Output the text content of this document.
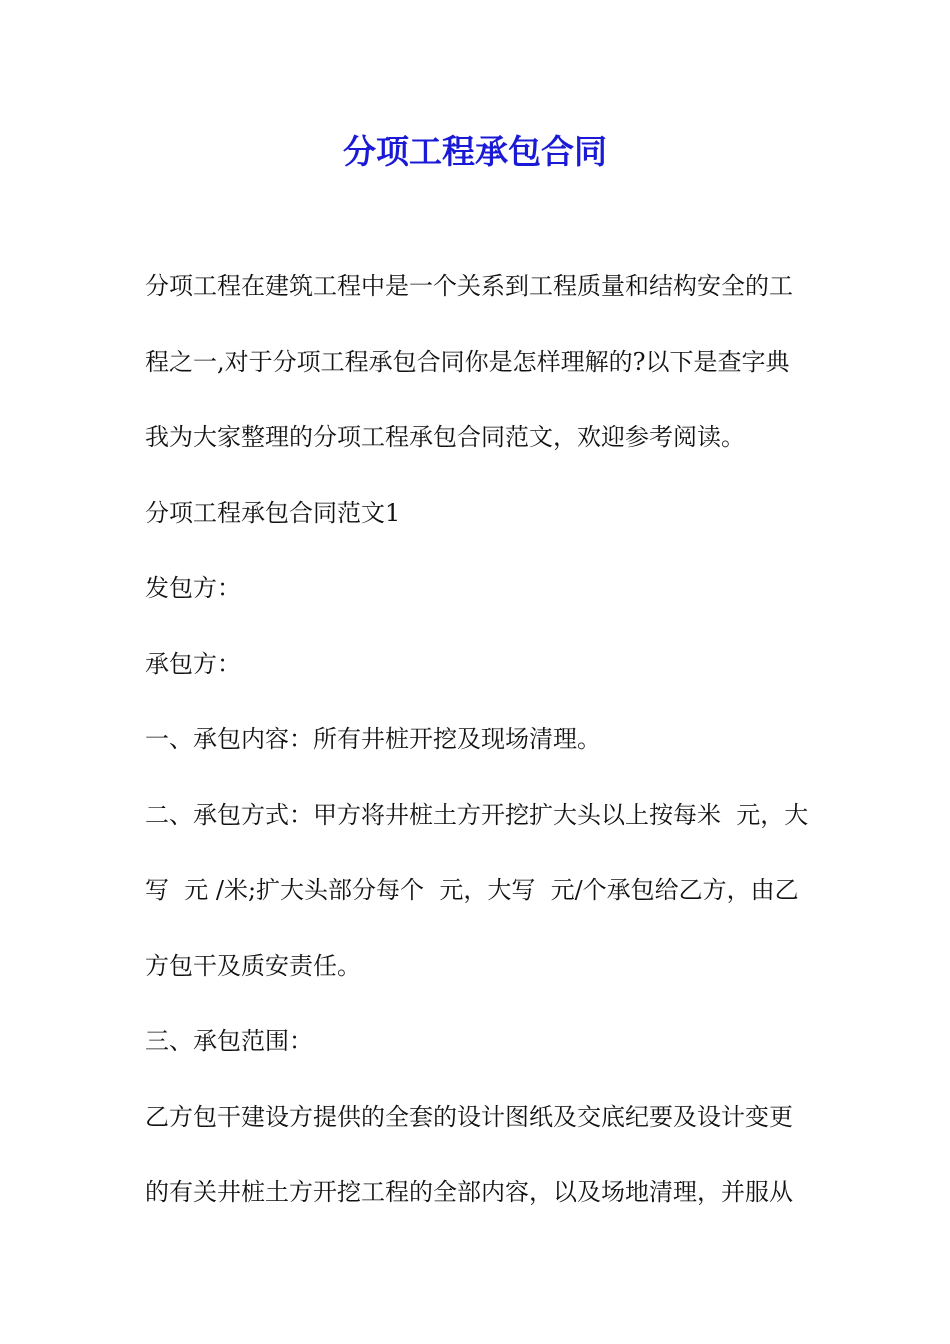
分项工程承包合同

分项工程在建筑工程中是一个关系到工程质量和结构安全的工

程之一,对于分项工程承包合同你是怎样理解的?以下是查字典

我为大家整理的分项工程承包合同范文，欢迎参考阅读。

分项工程承包合同范文1

发包方：

承包方：

一、承包内容：所有井桩开挖及现场清理。

二、承包方式：甲方将井桩土方开挖扩大头以上按每米  元，大

写  元 /米;扩大头部分每个  元，大写  元/个承包给乙方，由乙

方包干及质安责任。

三、承包范围：

乙方包干建设方提供的全套的设计图纸及交底纪要及设计变更

的有关井桩土方开挖工程的全部内容，以及场地清理，并服从
